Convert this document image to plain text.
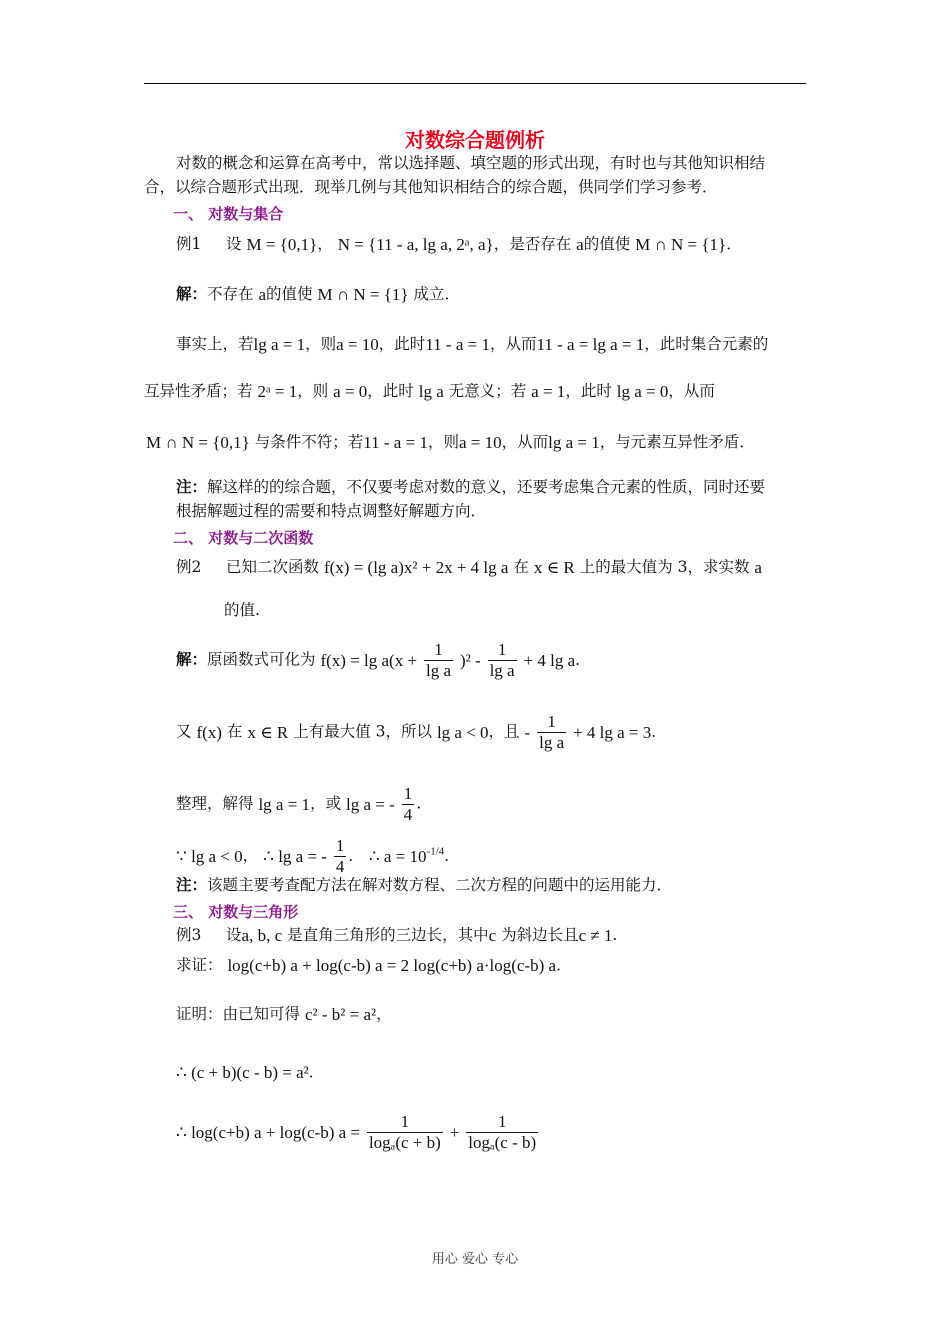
对数综合题例析
对数的概念和运算在高考中，常以选择题、填空题的形式出现，有时也与其他知识相结
合，以综合题形式出现．现举几例与其他知识相结合的综合题，供同学们学习参考．
一、 对数与集合
例1 设 M = {0,1}， N = {11 - a, lg a, 2ᵃ, a}，是否存在 a的值使 M ∩ N = {1}．
解：不存在 a的值使 M ∩ N = {1} 成立．
事实上，若lg a = 1，则a = 10，此时11 - a = 1，从而11 - a = lg a = 1，此时集合元素的
互异性矛盾；若 2ᵃ = 1，则 a = 0，此时 lg a 无意义；若 a = 1，此时 lg a = 0，从而
M ∩ N = {0,1} 与条件不符；若11 - a = 1，则a = 10，从而lg a = 1，与元素互异性矛盾．
注：解这样的的综合题，不仅要考虑对数的意义，还要考虑集合元素的性质，同时还要
根据解题过程的需要和特点调整好解题方向．
二、 对数与二次函数
例2 已知二次函数 f(x) = (lg a)x² + 2x + 4 lg a 在 x ∈ R 上的最大值为 3，求实数 a
的值.
解：原函数式可化为 $f(x) = \lg a(x + \frac{1}{\text{lg a}} )^2 - \frac{1}{\text{lg a}} + 4$ lg a．
又 f(x) 在 x ∈ R 上有最大值 3，所以 lg a < 0，且 - $\frac{1}{\text{lg a}} + 4$ lg a = 3．
整理，解得 lg a = 1，或 lg a = - $\frac{1}{4}$ .
∵ lg a < 0， ∴ lg a = - $\frac{1}{4}$ ． ∴ $a = 10^{-1/4}$．
注：该题主要考查配方法在解对数方程、二次方程的问题中的运用能力．
三、 对数与三角形
例3 设a, b, c 是直角三角形的三边长，其中c 为斜边长且c ≠ 1.
求证： log(c+b) a + log(c-b) a = 2 log(c+b) a·log(c-b) a．
证明：由已知可得 c² - b² = a²，
∴ (c + b)(c - b) = a²．
∴ log(c+b) a + log(c-b) $a = \frac{1}{\text{logₐ(c + b)}} + \frac{1}{\text{logₐ(c - b)}}$
用心 爱心 专心
